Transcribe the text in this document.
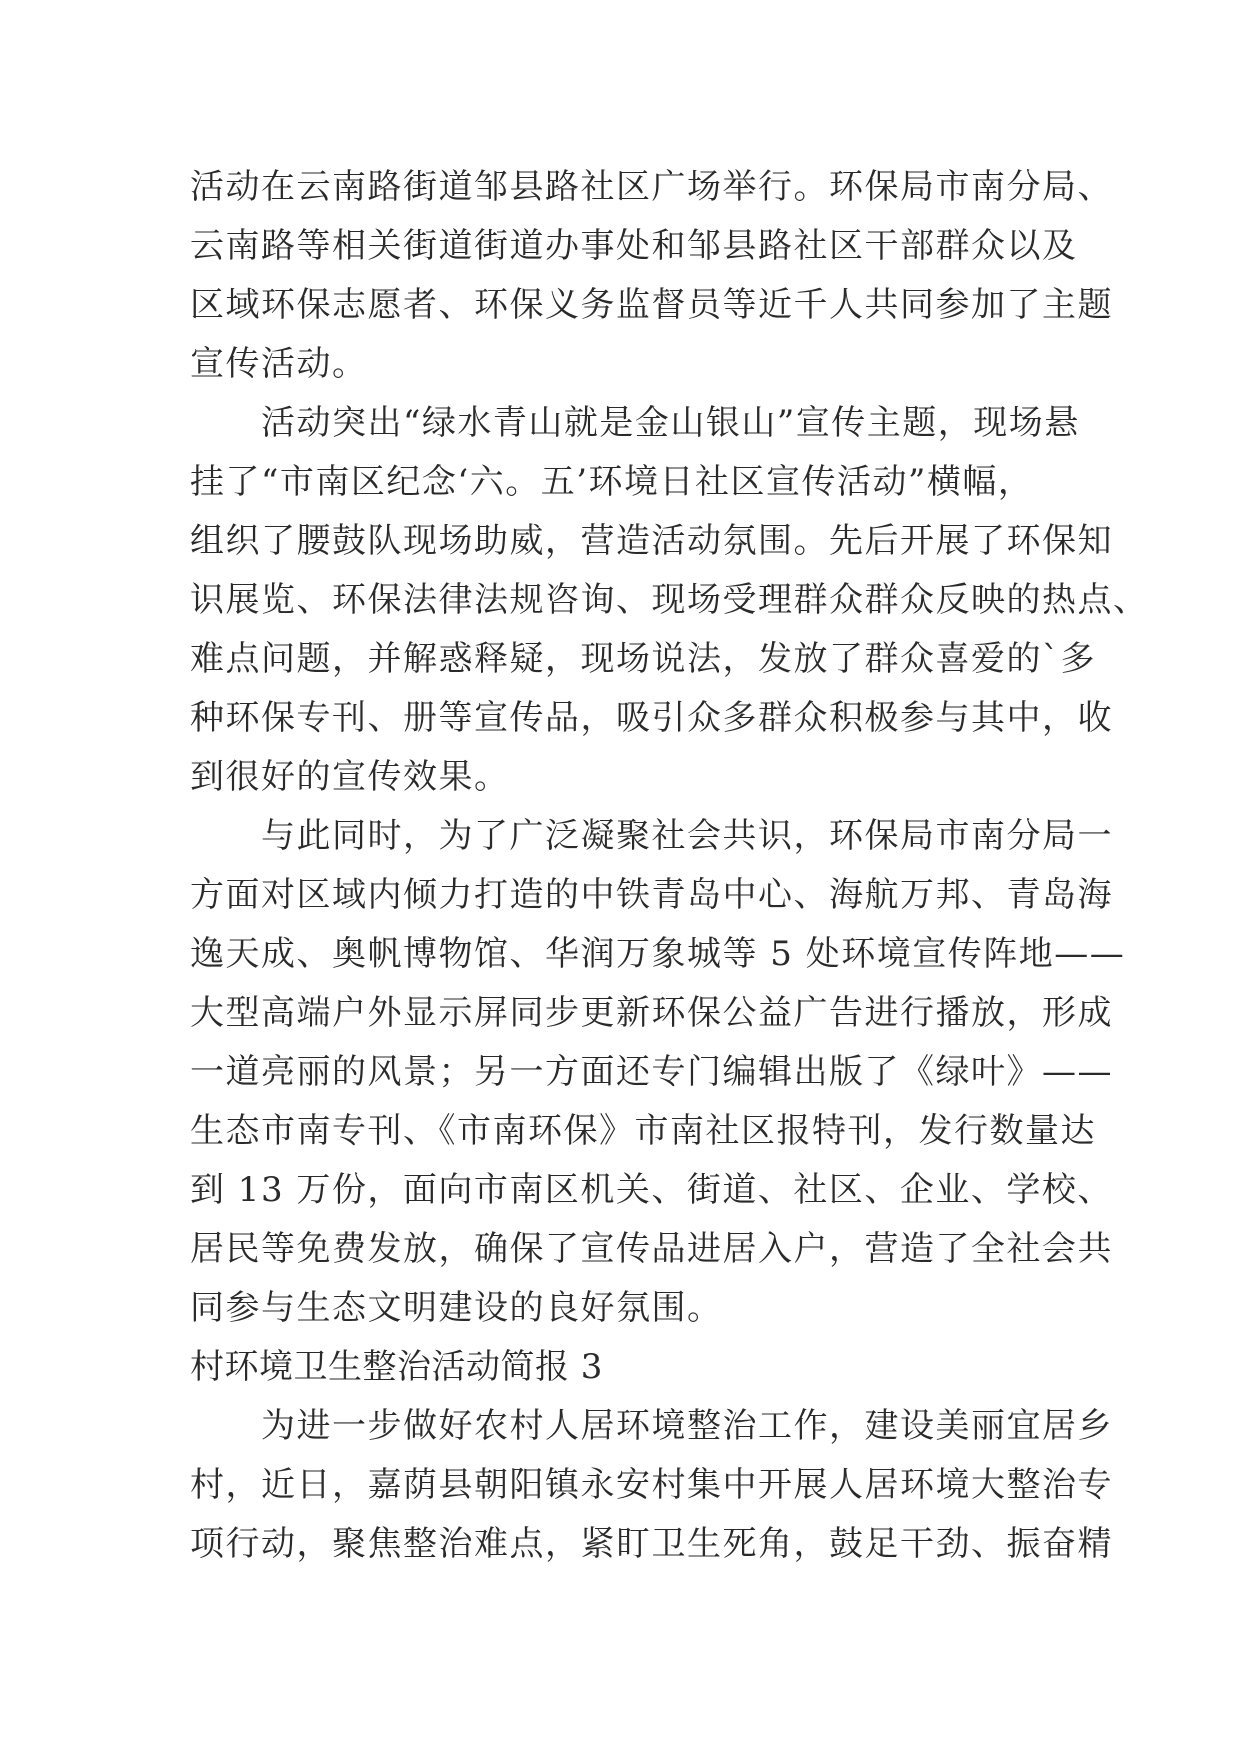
活动在云南路街道邹县路社区广场举行。环保局市南分局、
云南路等相关街道街道办事处和邹县路社区干部群众以及
区域环保志愿者、环保义务监督员等近千人共同参加了主题
宣传活动。
　　活动突出“绿水青山就是金山银山”宣传主题，现场悬
挂了“市南区纪念‘六。五’环境日社区宣传活动”横幅，
组织了腰鼓队现场助威，营造活动氛围。先后开展了环保知
识展览、环保法律法规咨询、现场受理群众群众反映的热点、
难点问题，并解惑释疑，现场说法，发放了群众喜爱的`多
种环保专刊、册等宣传品，吸引众多群众积极参与其中，收
到很好的宣传效果。
　　与此同时，为了广泛凝聚社会共识，环保局市南分局一
方面对区域内倾力打造的中铁青岛中心、海航万邦、青岛海
逸天成、奥帆博物馆、华润万象城等 5 处环境宣传阵地——
大型高端户外显示屏同步更新环保公益广告进行播放，形成
一道亮丽的风景；另一方面还专门编辑出版了《绿叶》——
生态市南专刊、《市南环保》市南社区报特刊，发行数量达
到 13 万份，面向市南区机关、街道、社区、企业、学校、
居民等免费发放，确保了宣传品进居入户，营造了全社会共
同参与生态文明建设的良好氛围。
村环境卫生整治活动简报 3
　　为进一步做好农村人居环境整治工作，建设美丽宜居乡
村，近日，嘉荫县朝阳镇永安村集中开展人居环境大整治专
项行动，聚焦整治难点，紧盯卫生死角，鼓足干劲、振奋精
